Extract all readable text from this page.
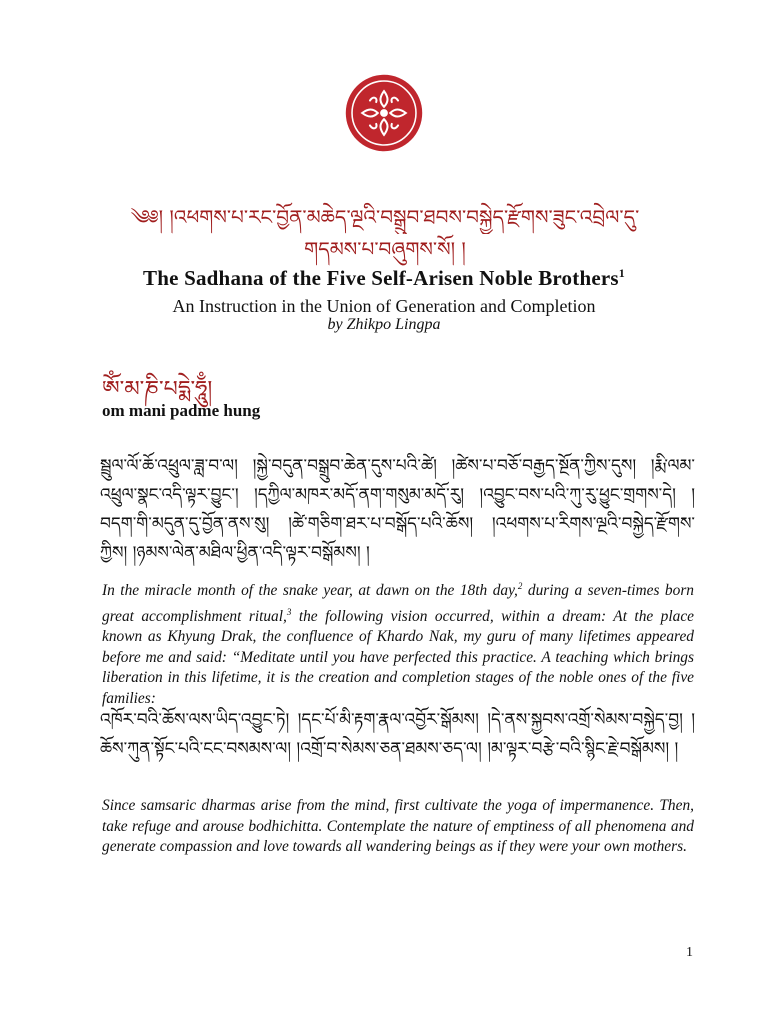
༄༅། །འཕགས་པ་རང་བྱོན་མཆེད་ལྔའི་བསྒྲུབ་ཐབས་བསྐྱེད་རྫོགས་ཟུང་འབྲེལ་དུ་
གདམས་པ་བཞུགས་སོ། །
The Sadhana of the Five Self-Arisen Noble Brothers$^1$
An Instruction in the Union of Generation and Completion
by Zhikpo Lingpa
ཨོཾ་མ་ཎི་པདྨེ་ཧཱུྃ།
om mani padme hung
སྦྲུལ་ལོ་ཆོ་འཕྲུལ་ཟླ་བ་ལ། །སྐྱེ་བདུན་བསྒྲུབ་ཆེན་དུས་པའི་ཚེ། །ཚེས་པ་བཅོ་བརྒྱད་སྔོན་ཀྱིས་དུས། །རྨི་ལམ་འཕྲུལ་སྣང་འདི་ལྟར་བྱུང་། །དཀྱིལ་མཁར་མདོ་ནག་གསུམ་མདོ་རུ། །འབྱུང་བས་པའི་ཀུ་རུ་ཕྱུང་གྲགས་དེ། །བདག་གི་མདུན་དུ་བྱོན་ནས་སུ། །ཚེ་གཅིག་ཐར་པ་བསྒོད་པའི་ཆོས། །འཕགས་པ་རིགས་ལྔའི་བསྐྱེད་རྫོགས་ཀྱིས། །ཉམས་ལེན་མཐིལ་ཕྱིན་འདི་ལྟར་བསྒོམས། །
In the miracle month of the snake year, at dawn on the 18th day,$^2$ during a seven-times born great accomplishment ritual,$^3$ the following vision occurred, within a dream: At the place known as Khyung Drak, the confluence of Khardo Nak, my guru of many lifetimes appeared before me and said: “Meditate until you have perfected this practice. A teaching which brings liberation in this lifetime, it is the creation and completion stages of the noble ones of the five families:
འཁོར་བའི་ཆོས་ལས་ཡིད་འབྱུང་ཏེ། །དང་པོ་མི་རྟག་རྣལ་འབྱོར་སྒོམས། །དེ་ནས་སྐྱབས་འགྲོ་སེམས་བསྐྱེད་བྱ། །ཆོས་ཀུན་སྟོང་པའི་ངང་བསམས་ལ། །འགྲོ་བ་སེམས་ཅན་ཐམས་ཅད་ལ། །མ་ལྟར་བརྩེ་བའི་སྙིང་རྗེ་བསྒོམས། །
Since samsaric dharmas arise from the mind, first cultivate the yoga of impermanence. Then, take refuge and arouse bodhichitta. Contemplate the nature of emptiness of all phenomena and generate compassion and love towards all wandering beings as if they were your own mothers.
1
